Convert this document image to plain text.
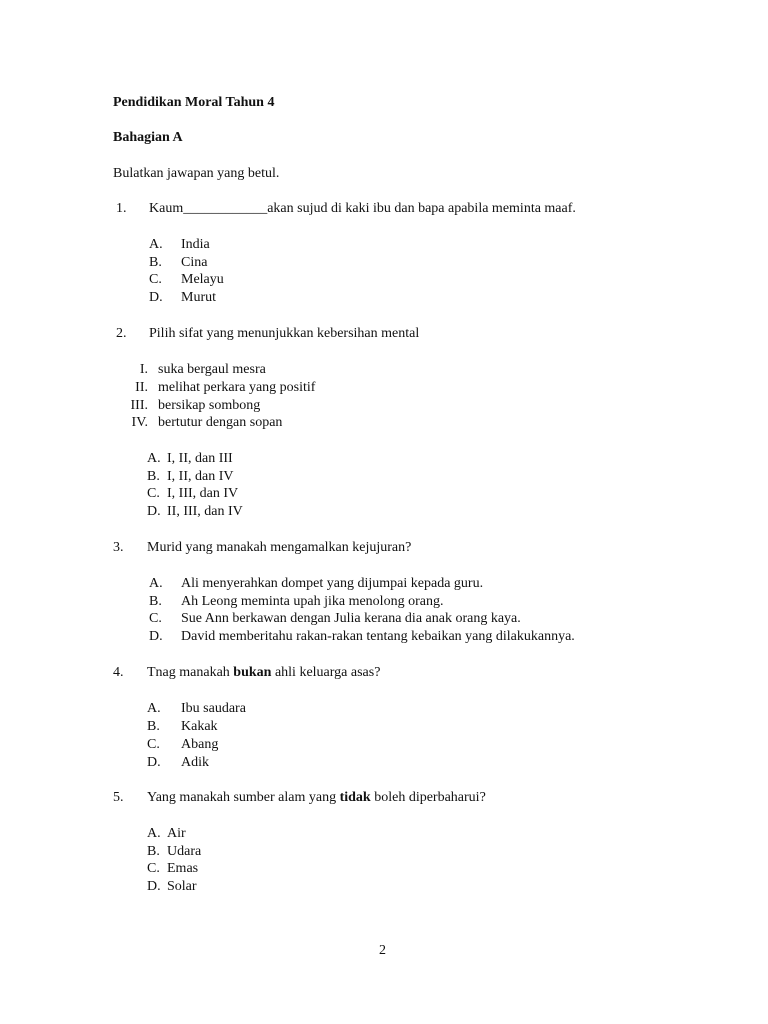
Pendidikan Moral Tahun 4
Bahagian A
Bulatkan jawapan yang betul.
1. Kaum____________akan sujud di kaki ibu dan bapa apabila meminta maaf.
A. India
B. Cina
C. Melayu
D. Murut
2. Pilih sifat yang menunjukkan kebersihan mental
I. suka bergaul mesra
II. melihat perkara yang positif
III. bersikap sombong
IV. bertutur dengan sopan
A. I, II, dan III
B. I, II, dan IV
C. I, III, dan IV
D. II, III, dan IV
3. Murid yang manakah mengamalkan kejujuran?
A. Ali menyerahkan dompet yang dijumpai kepada guru.
B. Ah Leong meminta upah jika menolong orang.
C. Sue Ann berkawan dengan Julia kerana dia anak orang kaya.
D. David memberitahu rakan-rakan tentang kebaikan yang dilakukannya.
4. Tnag manakah bukan ahli keluarga asas?
A. Ibu saudara
B. Kakak
C. Abang
D. Adik
5. Yang manakah sumber alam yang tidak boleh diperbaharui?
A. Air
B. Udara
C. Emas
D. Solar
2
